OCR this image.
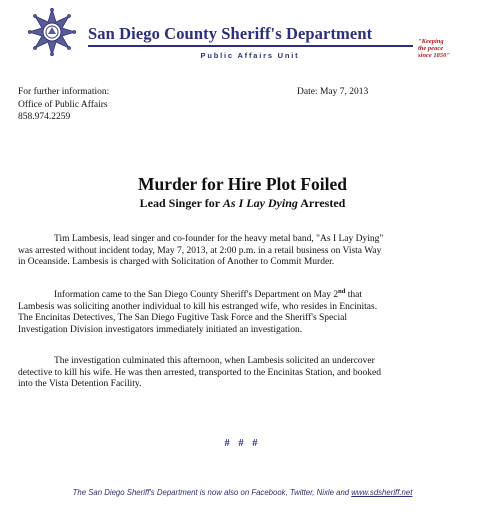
San Diego County Sheriff's Department
Public Affairs Unit
"Keeping
the peace
since 1850"
For further information:
Office of Public Affairs
858.974.2259
Date: May 7, 2013
Murder for Hire Plot Foiled
Lead Singer for As I Lay Dying Arrested
Tim Lambesis, lead singer and co-founder for the heavy metal band, "As I Lay Dying"
was arrested without incident today, May 7, 2013, at 2:00 p.m. in a retail business on Vista Way
in Oceanside. Lambesis is charged with Solicitation of Another to Commit Murder.
Information came to the San Diego County Sheriff's Department on May 2nd that
Lambesis was soliciting another individual to kill his estranged wife, who resides in Encinitas.
The Encinitas Detectives, The San Diego Fugitive Task Force and the Sheriff's Special
Investigation Division investigators immediately initiated an investigation.
The investigation culminated this afternoon, when Lambesis solicited an undercover
detective to kill his wife. He was then arrested, transported to the Encinitas Station, and booked
into the Vista Detention Facility.
# # #
The San Diego Sheriff's Department is now also on Facebook, Twitter, Nixle and www.sdsheriff.net
